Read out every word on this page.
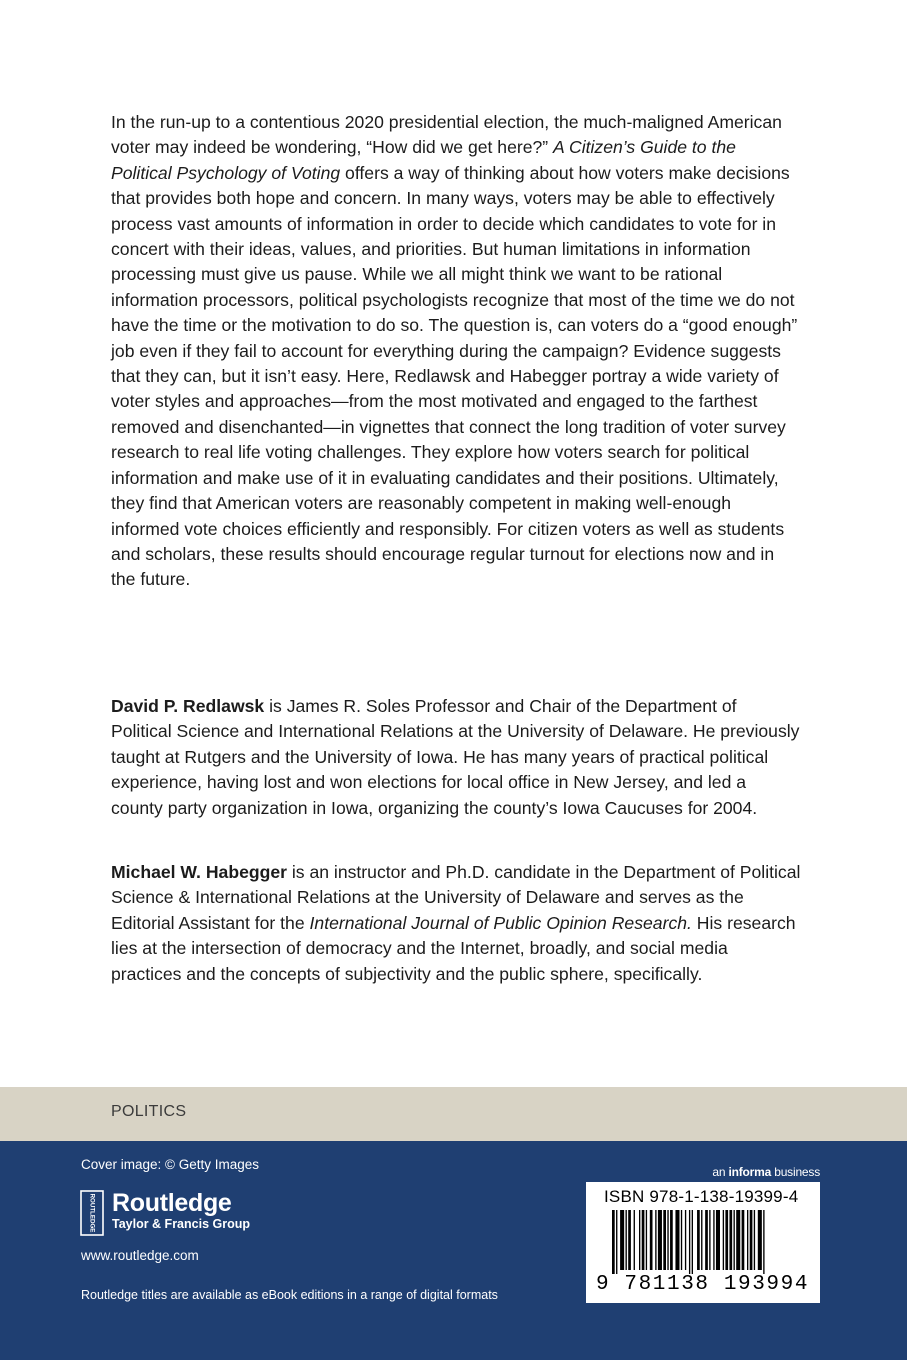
In the run-up to a contentious 2020 presidential election, the much-maligned American voter may indeed be wondering, “How did we get here?” A Citizen’s Guide to the Political Psychology of Voting offers a way of thinking about how voters make decisions that provides both hope and concern. In many ways, voters may be able to effectively process vast amounts of information in order to decide which candidates to vote for in concert with their ideas, values, and priorities. But human limitations in information processing must give us pause. While we all might think we want to be rational information processors, political psychologists recognize that most of the time we do not have the time or the motivation to do so. The question is, can voters do a “good enough” job even if they fail to account for everything during the campaign? Evidence suggests that they can, but it isn’t easy. Here, Redlawsk and Habegger portray a wide variety of voter styles and approaches—from the most motivated and engaged to the farthest removed and disenchanted—in vignettes that connect the long tradition of voter survey research to real life voting challenges. They explore how voters search for political information and make use of it in evaluating candidates and their positions. Ultimately, they find that American voters are reasonably competent in making well-enough informed vote choices efficiently and responsibly. For citizen voters as well as students and scholars, these results should encourage regular turnout for elections now and in the future.

David P. Redlawsk is James R. Soles Professor and Chair of the Department of Political Science and International Relations at the University of Delaware. He previously taught at Rutgers and the University of Iowa. He has many years of practical political experience, having lost and won elections for local office in New Jersey, and led a county party organization in Iowa, organizing the county’s Iowa Caucuses for 2004.

Michael W. Habegger is an instructor and Ph.D. candidate in the Department of Political Science & International Relations at the University of Delaware and serves as the Editorial Assistant for the International Journal of Public Opinion Research. His research lies at the intersection of democracy and the Internet, broadly, and social media practices and the concepts of subjectivity and the public sphere, specifically.

POLITICS
Cover image: © Getty Images
ROUTLEDGE Routledge
Taylor & Francis Group
www.routledge.com
Routledge titles are available as eBook editions in a range of digital formats
an informa business
ISBN 978-1-138-19399-4
9 781138 193994
